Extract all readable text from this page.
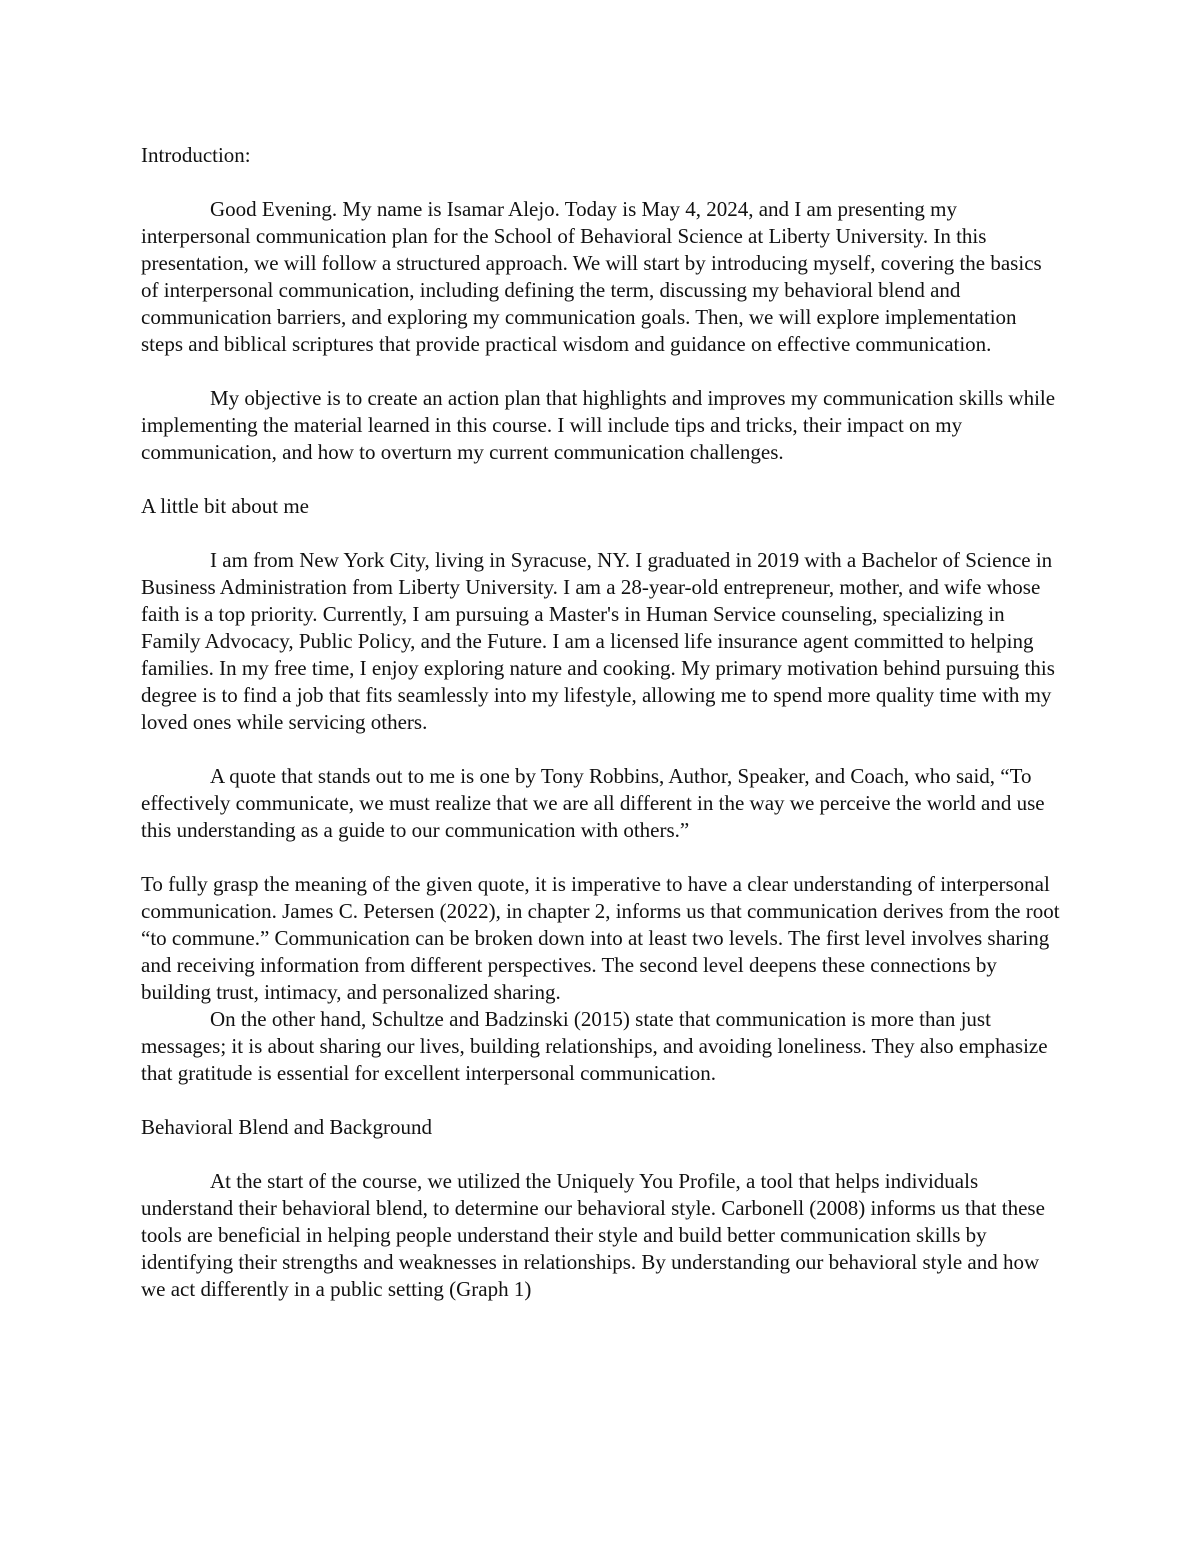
Introduction:

Good Evening. My name is Isamar Alejo. Today is May 4, 2024, and I am presenting my interpersonal communication plan for the School of Behavioral Science at Liberty University. In this presentation, we will follow a structured approach. We will start by introducing myself, covering the basics of interpersonal communication, including defining the term, discussing my behavioral blend and communication barriers, and exploring my communication goals. Then, we will explore implementation steps and biblical scriptures that provide practical wisdom and guidance on effective communication.

My objective is to create an action plan that highlights and improves my communication skills while implementing the material learned in this course. I will include tips and tricks, their impact on my communication, and how to overturn my current communication challenges.

A little bit about me

I am from New York City, living in Syracuse, NY. I graduated in 2019 with a Bachelor of Science in Business Administration from Liberty University. I am a 28-year-old entrepreneur, mother, and wife whose faith is a top priority. Currently, I am pursuing a Master's in Human Service counseling, specializing in Family Advocacy, Public Policy, and the Future. I am a licensed life insurance agent committed to helping families. In my free time, I enjoy exploring nature and cooking. My primary motivation behind pursuing this degree is to find a job that fits seamlessly into my lifestyle, allowing me to spend more quality time with my loved ones while servicing others.

A quote that stands out to me is one by Tony Robbins, Author, Speaker, and Coach, who said, “To effectively communicate, we must realize that we are all different in the way we perceive the world and use this understanding as a guide to our communication with others.”

To fully grasp the meaning of the given quote, it is imperative to have a clear understanding of interpersonal communication. James C. Petersen (2022), in chapter 2, informs us that communication derives from the root “to commune.” Communication can be broken down into at least two levels. The first level involves sharing and receiving information from different perspectives. The second level deepens these connections by building trust, intimacy, and personalized sharing.

On the other hand, Schultze and Badzinski (2015) state that communication is more than just messages; it is about sharing our lives, building relationships, and avoiding loneliness. They also emphasize that gratitude is essential for excellent interpersonal communication.

Behavioral Blend and Background

At the start of the course, we utilized the Uniquely You Profile, a tool that helps individuals understand their behavioral blend, to determine our behavioral style. Carbonell (2008) informs us that these tools are beneficial in helping people understand their style and build better communication skills by identifying their strengths and weaknesses in relationships. By understanding our behavioral style and how we act differently in a public setting (Graph 1)
